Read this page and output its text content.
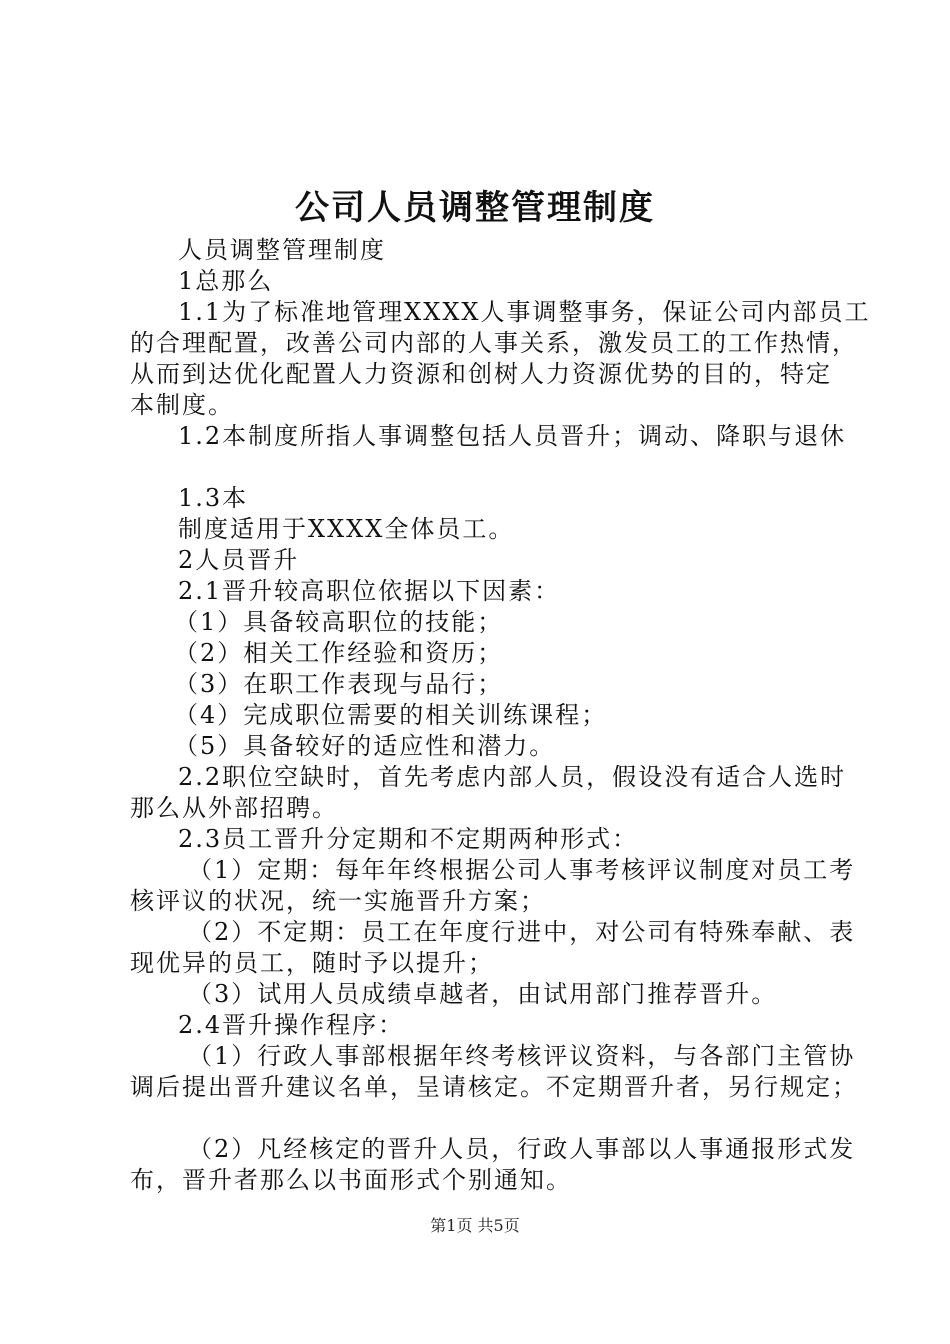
公司人员调整管理制度

人员调整管理制度

1总那么

1.1为了标准地管理XXXX人事调整事务，保证公司内部员工

的合理配置，改善公司内部的人事关系，激发员工的工作热情，

从而到达优化配置人力资源和创树人力资源优势的目的，特定

本制度。

1.2本制度所指人事调整包括人员晋升；调动、降职与退休

1.3本

制度适用于XXXX全体员工。

2人员晋升

2.1晋升较高职位依据以下因素：

（1）具备较高职位的技能；

（2）相关工作经验和资历；

（3）在职工作表现与品行；

（4）完成职位需要的相关训练课程；

（5）具备较好的适应性和潜力。

2.2职位空缺时，首先考虑内部人员，假设没有适合人选时

那么从外部招聘。

2.3员工晋升分定期和不定期两种形式：

（1）定期：每年年终根据公司人事考核评议制度对员工考

核评议的状况，统一实施晋升方案；

（2）不定期：员工在年度行进中，对公司有特殊奉献、表

现优异的员工，随时予以提升；

（3）试用人员成绩卓越者，由试用部门推荐晋升。

2.4晋升操作程序：

（1）行政人事部根据年终考核评议资料，与各部门主管协

调后提出晋升建议名单，呈请核定。不定期晋升者，另行规定；

（2）凡经核定的晋升人员，行政人事部以人事通报形式发

布，晋升者那么以书面形式个别通知。

第1页 共5页
